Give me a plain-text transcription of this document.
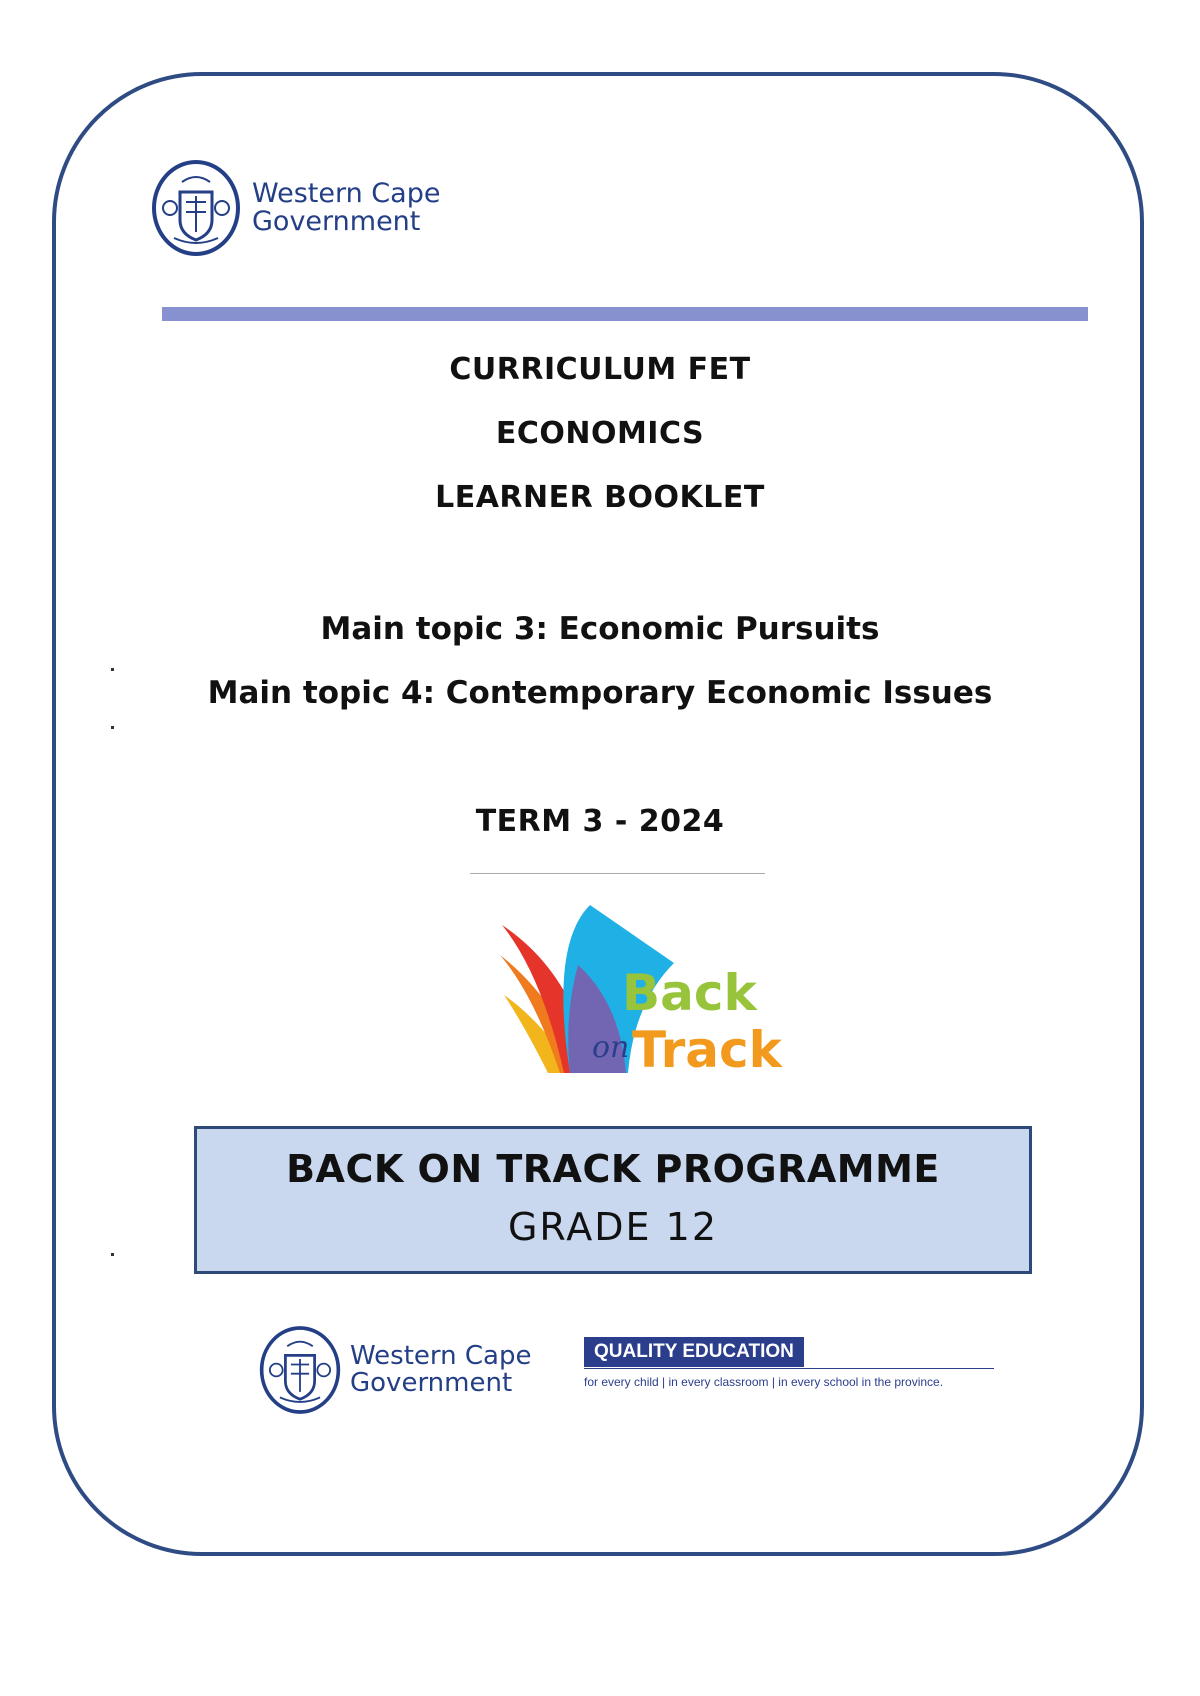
Western Cape
Government
CURRICULUM FET
ECONOMICS
LEARNER BOOKLET
Main topic 3: Economic Pursuits
Main topic 4: Contemporary Economic Issues
TERM 3 - 2024
Back
on Track
BACK ON TRACK PROGRAMME
GRADE 12
Western Cape
Government
QUALITY EDUCATION
for every child | in every classroom | in every school in the province.
